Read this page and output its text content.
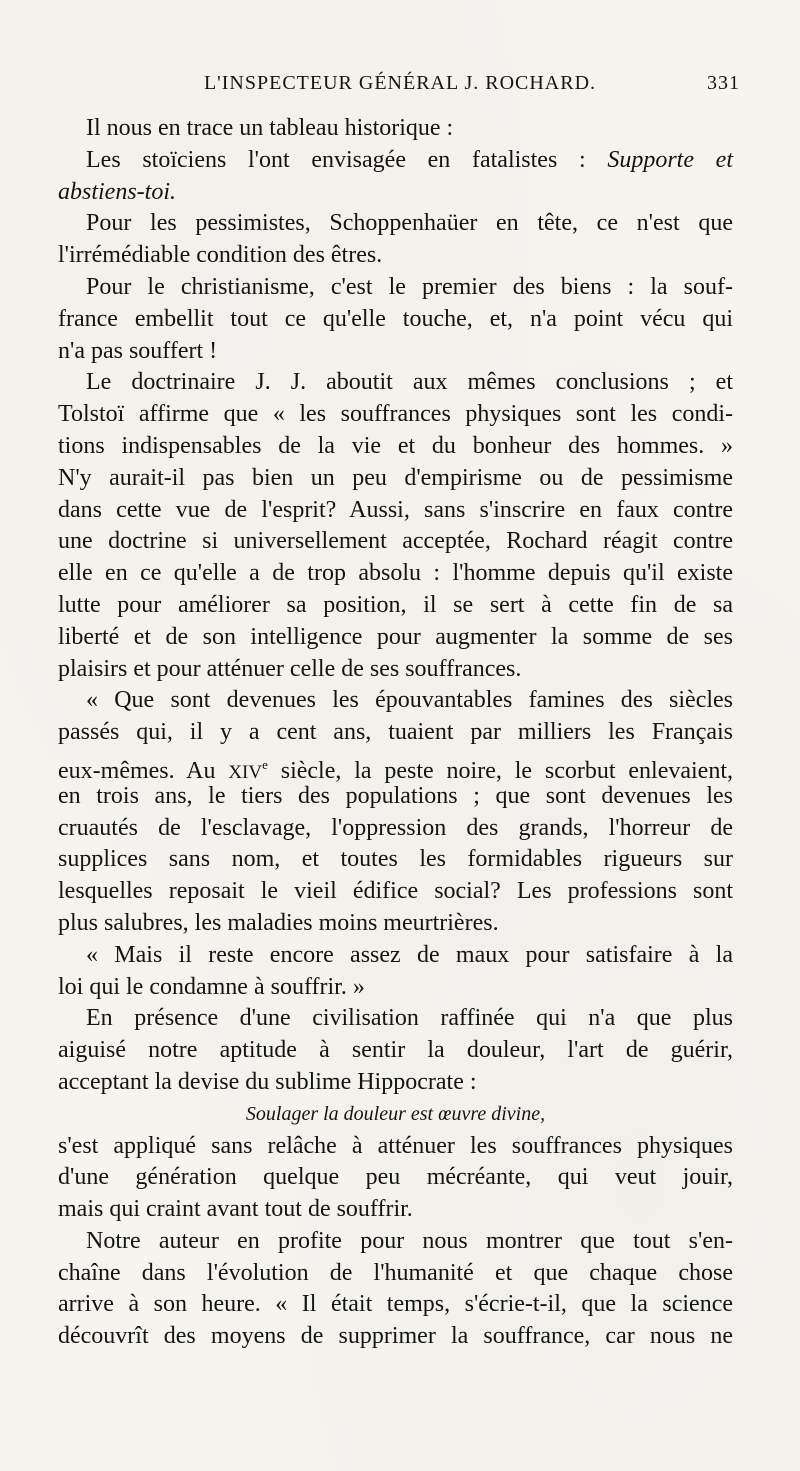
L'INSPECTEUR GÉNÉRAL J. ROCHARD.	331
Il nous en trace un tableau historique :
Les stoïciens l'ont envisagée en fatalistes : Supporte et
abstiens-toi.
Pour les pessimistes, Schoppenhaüer en tête, ce n'est que
l'irrémédiable condition des êtres.
Pour le christianisme, c'est le premier des biens : la souf-
france embellit tout ce qu'elle touche, et, n'a point vécu qui
n'a pas souffert !
Le doctrinaire J. J. aboutit aux mêmes conclusions ; et
Tolstoï affirme que « les souffrances physiques sont les condi-
tions indispensables de la vie et du bonheur des hommes. »
N'y aurait-il pas bien un peu d'empirisme ou de pessimisme
dans cette vue de l'esprit? Aussi, sans s'inscrire en faux contre
une doctrine si universellement acceptée, Rochard réagit contre
elle en ce qu'elle a de trop absolu : l'homme depuis qu'il existe
lutte pour améliorer sa position, il se sert à cette fin de sa
liberté et de son intelligence pour augmenter la somme de ses
plaisirs et pour atténuer celle de ses souffrances.
« Que sont devenues les épouvantables famines des siècles
passés qui, il y a cent ans, tuaient par milliers les Français
eux-mêmes. Au XIVe siècle, la peste noire, le scorbut enlevaient,
en trois ans, le tiers des populations ; que sont devenues les
cruautés de l'esclavage, l'oppression des grands, l'horreur de
supplices sans nom, et toutes les formidables rigueurs sur
lesquelles reposait le vieil édifice social? Les professions sont
plus salubres, les maladies moins meurtrières.
« Mais il reste encore assez de maux pour satisfaire à la
loi qui le condamne à souffrir. »
En présence d'une civilisation raffinée qui n'a que plus
aiguisé notre aptitude à sentir la douleur, l'art de guérir,
acceptant la devise du sublime Hippocrate :
Soulager la douleur est œuvre divine,
s'est appliqué sans relâche à atténuer les souffrances physiques
d'une génération quelque peu mécréante, qui veut jouir,
mais qui craint avant tout de souffrir.
Notre auteur en profite pour nous montrer que tout s'en-
chaîne dans l'évolution de l'humanité et que chaque chose
arrive à son heure. « Il était temps, s'écrie-t-il, que la science
découvrît des moyens de supprimer la souffrance, car nous ne
